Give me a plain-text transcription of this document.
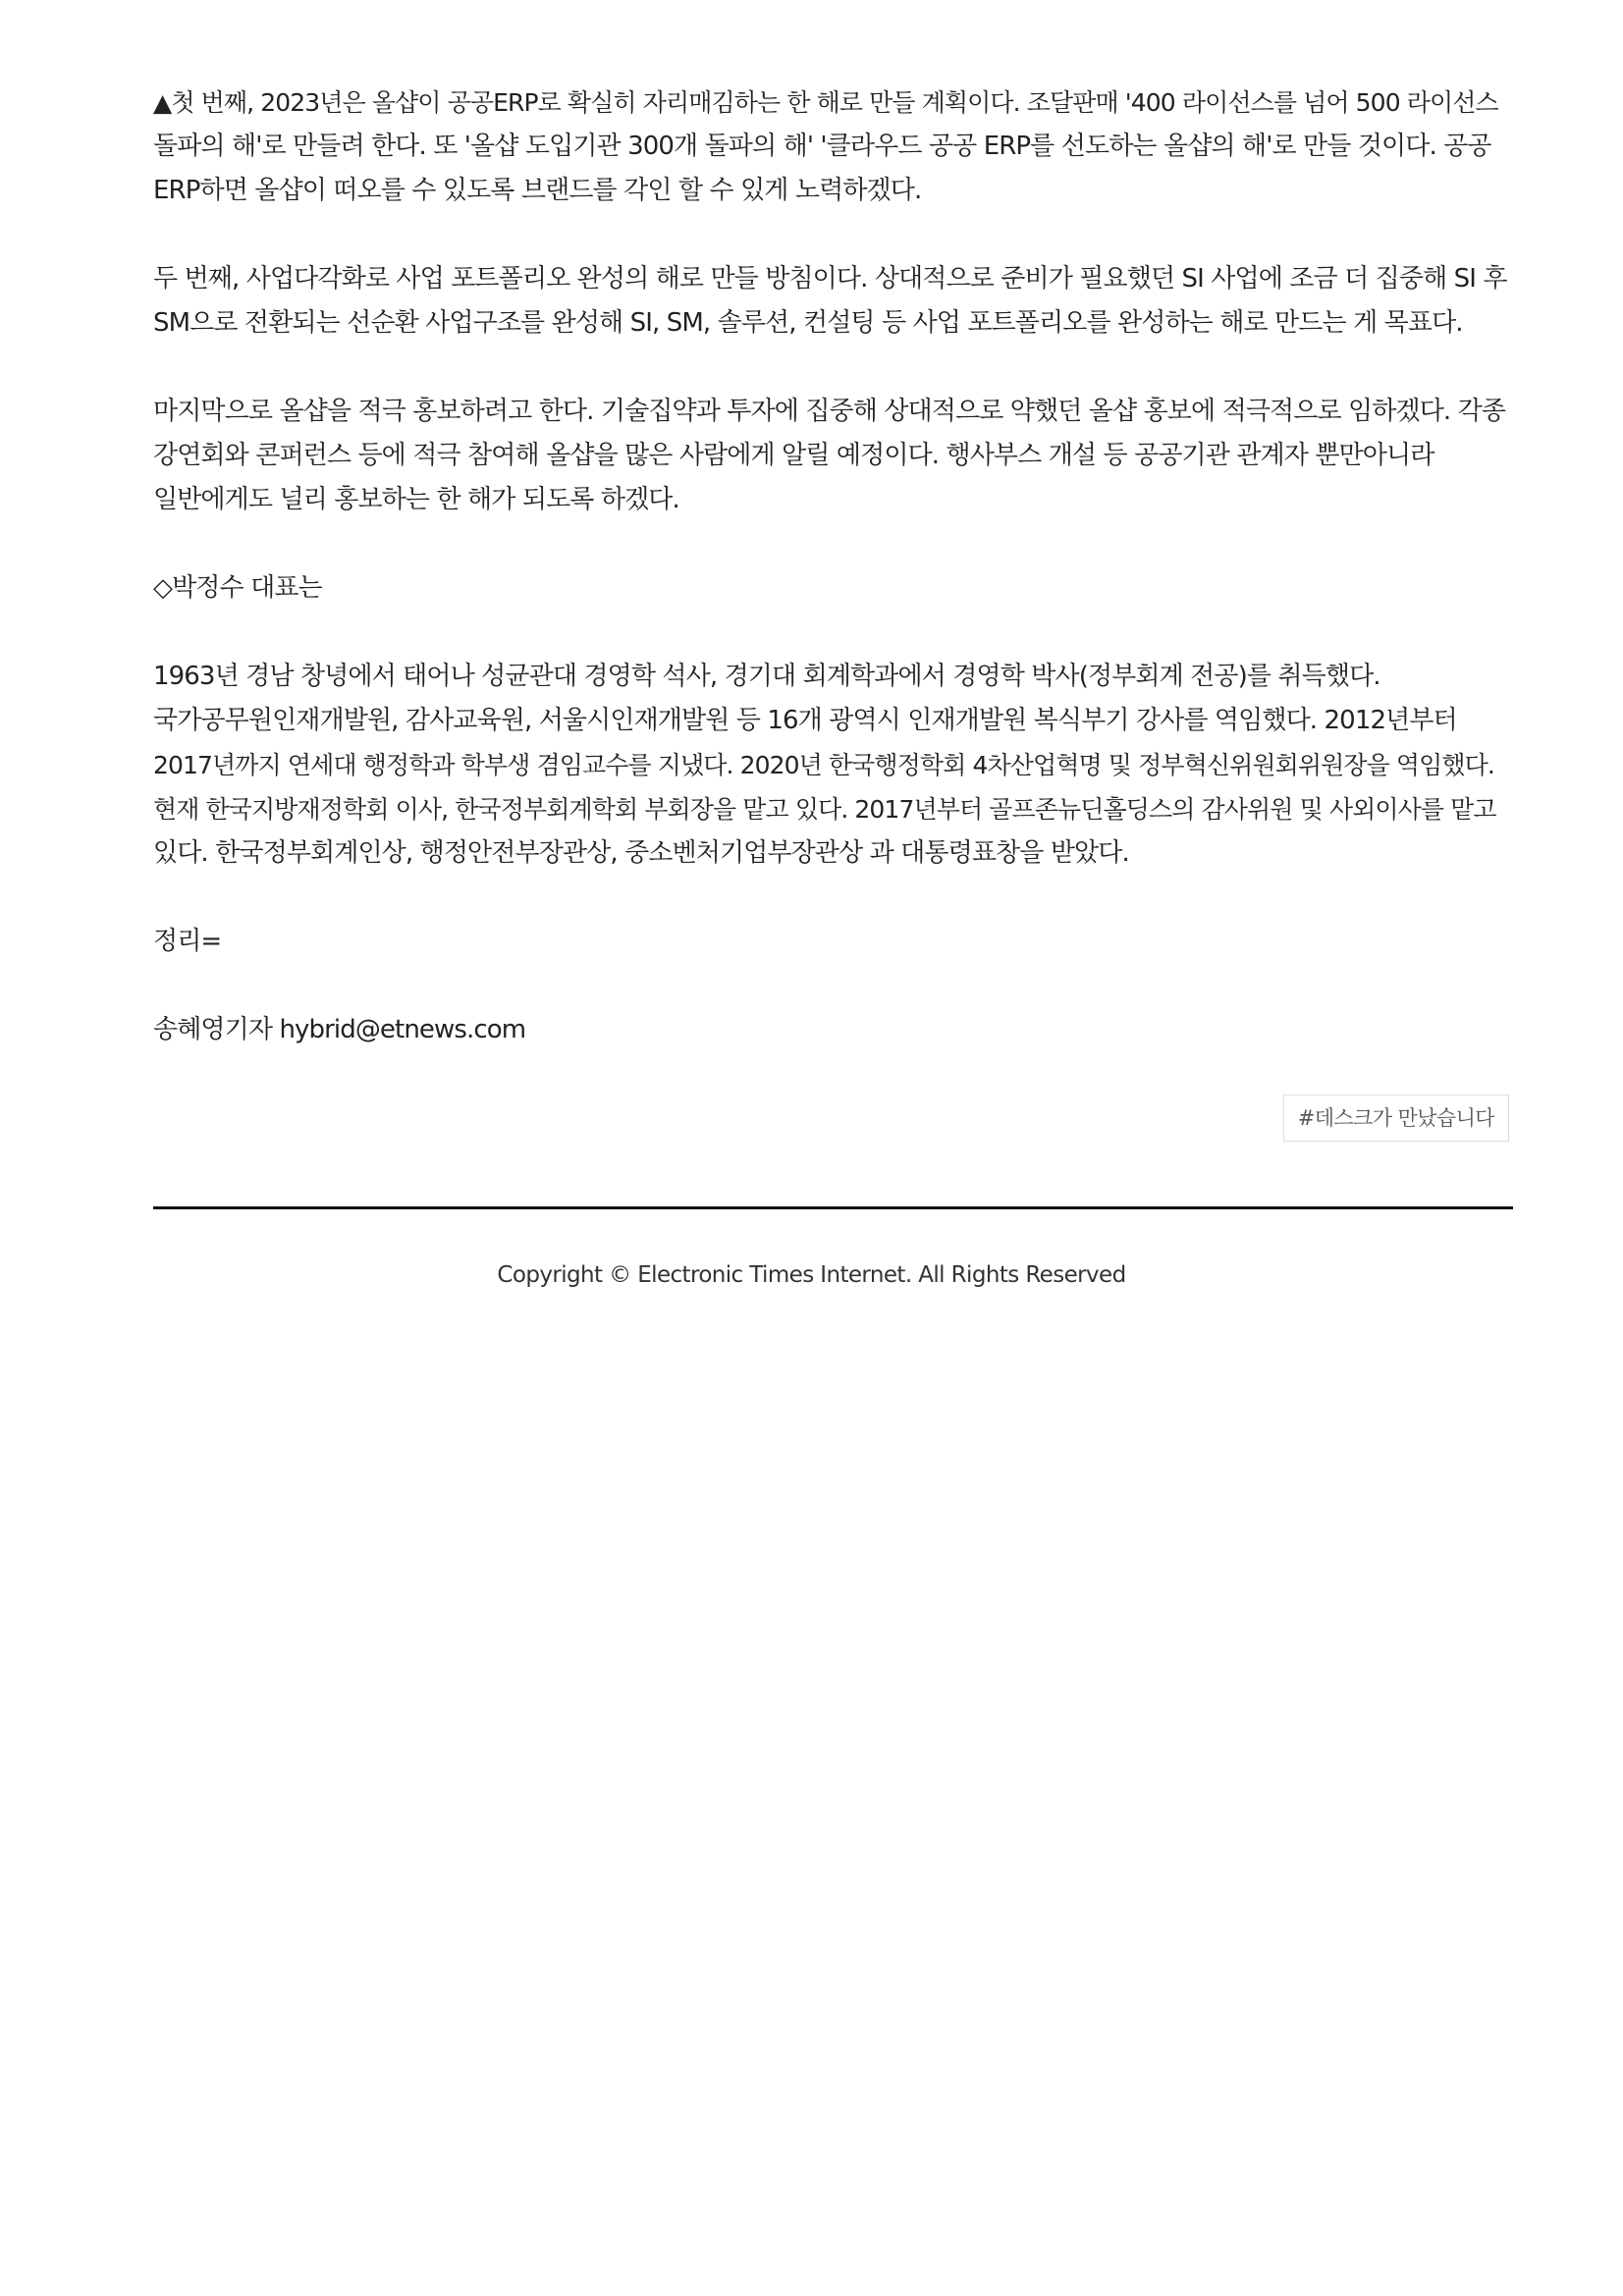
▲첫 번째, 2023년은 올샵이 공공ERP로 확실히 자리매김하는 한 해로 만들 계획이다. 조달판매 '400 라이선스를 넘어 500 라이선스
돌파의 해'로 만들려 한다. 또 '올샵 도입기관 300개 돌파의 해' '클라우드 공공 ERP를 선도하는 올샵의 해'로 만들 것이다. 공공
ERP하면 올샵이 떠오를 수 있도록 브랜드를 각인 할 수 있게 노력하겠다.

두 번째, 사업다각화로 사업 포트폴리오 완성의 해로 만들 방침이다. 상대적으로 준비가 필요했던 SI 사업에 조금 더 집중해 SI 후
SM으로 전환되는 선순환 사업구조를 완성해 SI, SM, 솔루션, 컨설팅 등 사업 포트폴리오를 완성하는 해로 만드는 게 목표다.

마지막으로 올샵을 적극 홍보하려고 한다. 기술집약과 투자에 집중해 상대적으로 약했던 올샵 홍보에 적극적으로 임하겠다. 각종
강연회와 콘퍼런스 등에 적극 참여해 올샵을 많은 사람에게 알릴 예정이다. 행사부스 개설 등 공공기관 관계자 뿐만아니라
일반에게도 널리 홍보하는 한 해가 되도록 하겠다.

◇박정수 대표는

1963년 경남 창녕에서 태어나 성균관대 경영학 석사, 경기대 회계학과에서 경영학 박사(정부회계 전공)를 취득했다.
국가공무원인재개발원, 감사교육원, 서울시인재개발원 등 16개 광역시 인재개발원 복식부기 강사를 역임했다. 2012년부터
2017년까지 연세대 행정학과 학부생 겸임교수를 지냈다. 2020년 한국행정학회 4차산업혁명 및 정부혁신위원회위원장을 역임했다.
현재 한국지방재정학회 이사, 한국정부회계학회 부회장을 맡고 있다. 2017년부터 골프존뉴딘홀딩스의 감사위원 및 사외이사를 맡고
있다. 한국정부회계인상, 행정안전부장관상, 중소벤처기업부장관상 과 대통령표창을 받았다.

정리=

송혜영기자 hybrid@etnews.com

#데스크가 만났습니다
Copyright © Electronic Times Internet. All Rights Reserved
